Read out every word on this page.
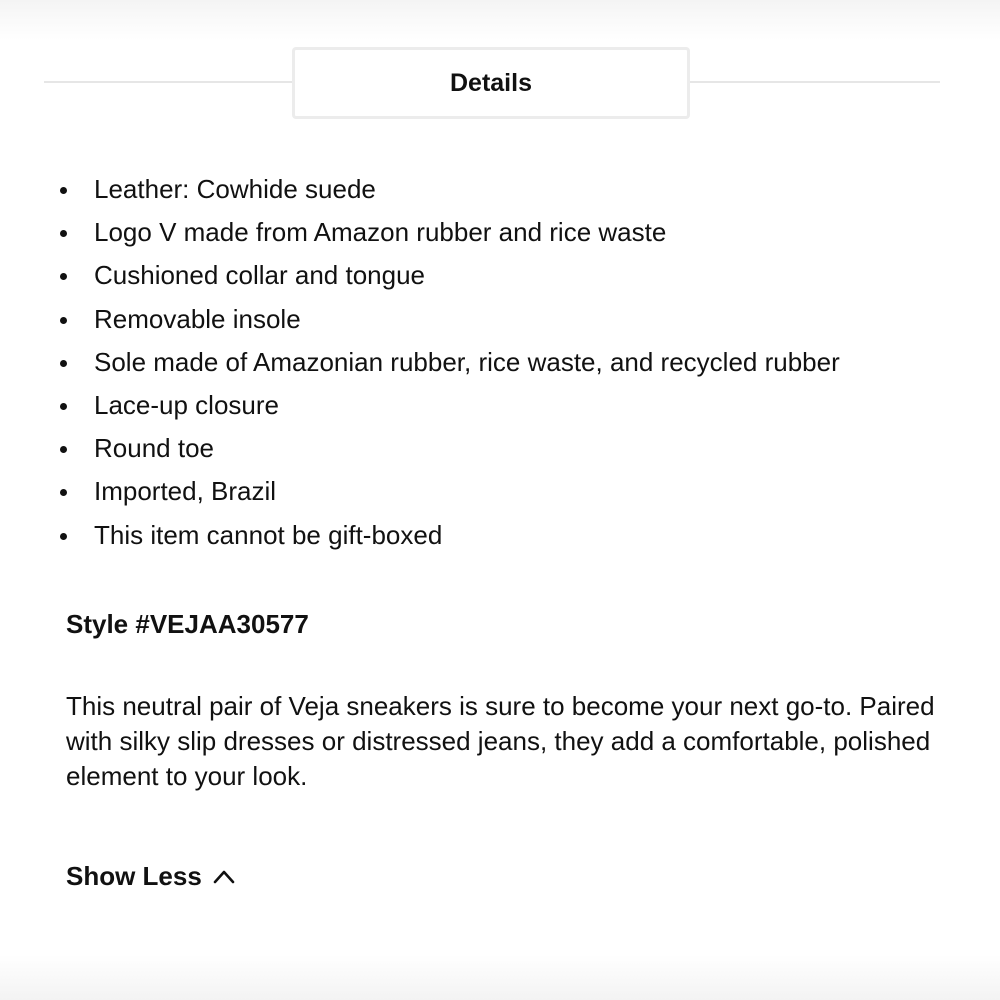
Details
Leather: Cowhide suede
Logo V made from Amazon rubber and rice waste
Cushioned collar and tongue
Removable insole
Sole made of Amazonian rubber, rice waste, and recycled rubber
Lace-up closure
Round toe
Imported, Brazil
This item cannot be gift-boxed
Style #VEJAA30577

This neutral pair of Veja sneakers is sure to become your next go-to. Paired with silky slip dresses or distressed jeans, they add a comfortable, polished element to your look.

Show Less
